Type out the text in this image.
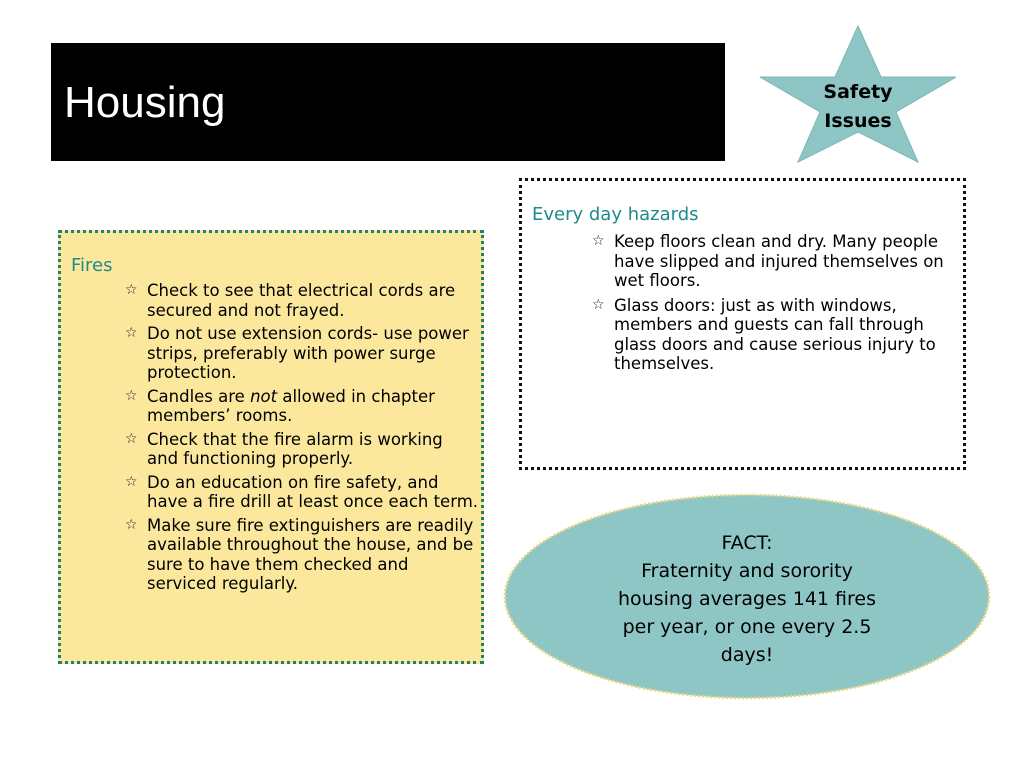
Housing	Safety
Issues
Fires
☆ Check to see that electrical cords are secured and not frayed.
☆ Do not use extension cords- use power strips, preferably with power surge protection.
☆ Candles are not allowed in chapter members’ rooms.
☆ Check that the fire alarm is working and functioning properly.
☆ Do an education on fire safety, and have a fire drill at least once each term.
☆ Make sure fire extinguishers are readily available throughout the house, and be sure to have them checked and serviced regularly.
Every day hazards
☆ Keep floors clean and dry. Many people have slipped and injured themselves on wet floors.
☆ Glass doors: just as with windows, members and guests can fall through glass doors and cause serious injury to themselves.
FACT:
Fraternity and sorority
housing averages 141 fires
per year, or one every 2.5
days!
